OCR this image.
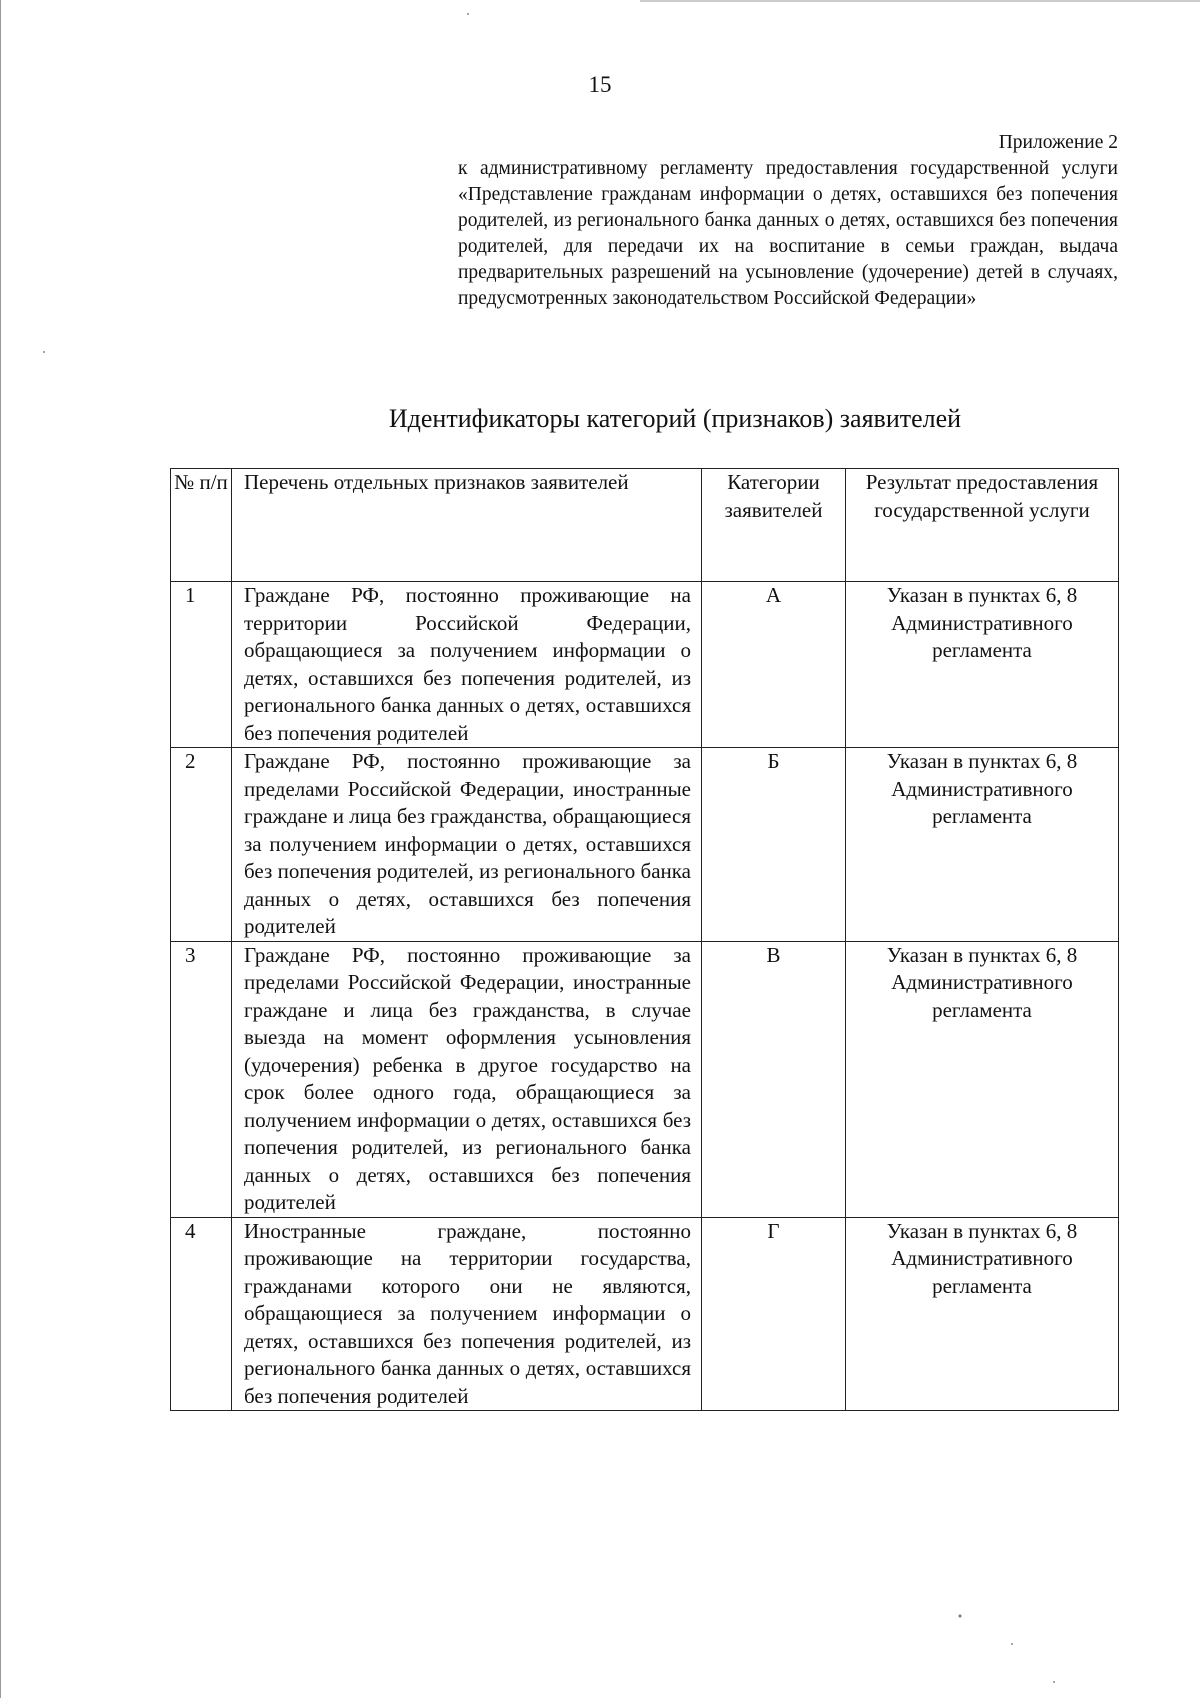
15
Приложение 2
к административному регламенту предоставления государственной услуги «Представление гражданам информации о детях, оставшихся без попечения родителей, из регионального банка данных о детях, оставшихся без попечения родителей, для передачи их на воспитание в семьи граждан, выдача предварительных разрешений на усыновление (удочерение) детей в случаях, предусмотренных законодательством Российской Федерации»
Идентификаторы категорий (признаков) заявителей
№ п/п	Перечень отдельных признаков заявителей	Категории заявителей	Результат предоставления государственной услуги
1	Граждане РФ, постоянно проживающие на территории Российской Федерации, обращающиеся за получением информации о детях, оставшихся без попечения родителей, из регионального банка данных о детях, оставшихся без попечения родителей	А	Указан в пунктах 6, 8 Административного регламента
2	Граждане РФ, постоянно проживающие за пределами Российской Федерации, иностранные граждане и лица без гражданства, обращающиеся за получением информации о детях, оставшихся без попечения родителей, из регионального банка данных о детях, оставшихся без попечения родителей	Б	Указан в пунктах 6, 8 Административного регламента
3	Граждане РФ, постоянно проживающие за пределами Российской Федерации, иностранные граждане и лица без гражданства, в случае выезда на момент оформления усыновления (удочерения) ребенка в другое государство на срок более одного года, обращающиеся за получением информации о детях, оставшихся без попечения родителей, из регионального банка данных о детях, оставшихся без попечения родителей	В	Указан в пунктах 6, 8 Административного регламента
4	Иностранные граждане, постоянно проживающие на территории государства, гражданами которого они не являются, обращающиеся за получением информации о детях, оставшихся без попечения родителей, из регионального банка данных о детях, оставшихся без попечения родителей	Г	Указан в пунктах 6, 8 Административного регламента
